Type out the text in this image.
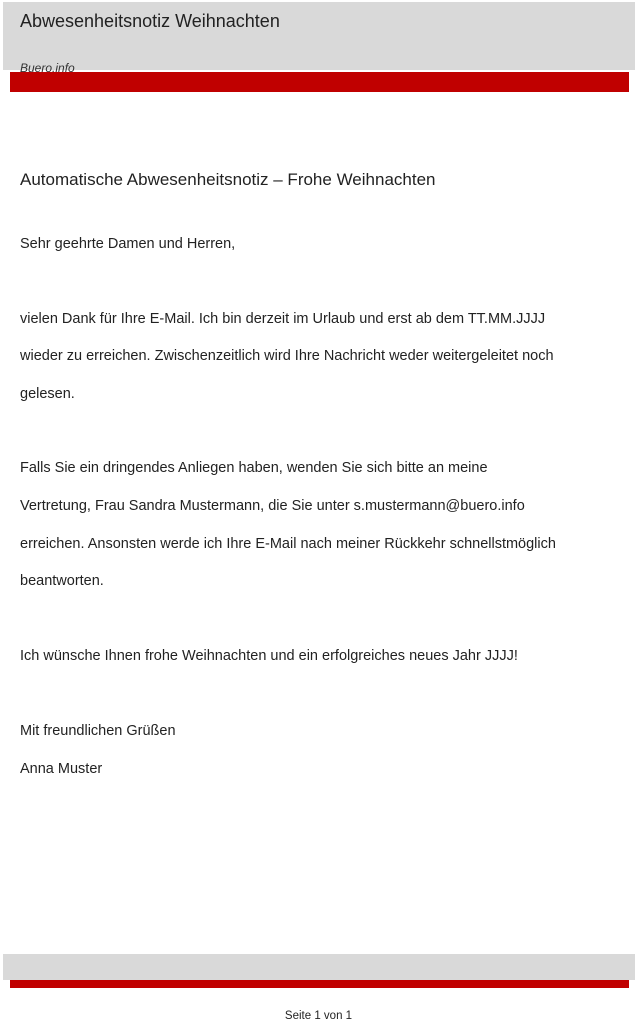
Abwesenheitsnotiz Weihnachten
Buero.info
Automatische Abwesenheitsnotiz – Frohe Weihnachten
Sehr geehrte Damen und Herren,
vielen Dank für Ihre E-Mail. Ich bin derzeit im Urlaub und erst ab dem TT.MM.JJJJ
wieder zu erreichen. Zwischenzeitlich wird Ihre Nachricht weder weitergeleitet noch
gelesen.
Falls Sie ein dringendes Anliegen haben, wenden Sie sich bitte an meine
Vertretung, Frau Sandra Mustermann, die Sie unter s.mustermann@buero.info
erreichen. Ansonsten werde ich Ihre E-Mail nach meiner Rückkehr schnellstmöglich
beantworten.
Ich wünsche Ihnen frohe Weihnachten und ein erfolgreiches neues Jahr JJJJ!
Mit freundlichen Grüßen
Anna Muster
Seite 1 von 1
